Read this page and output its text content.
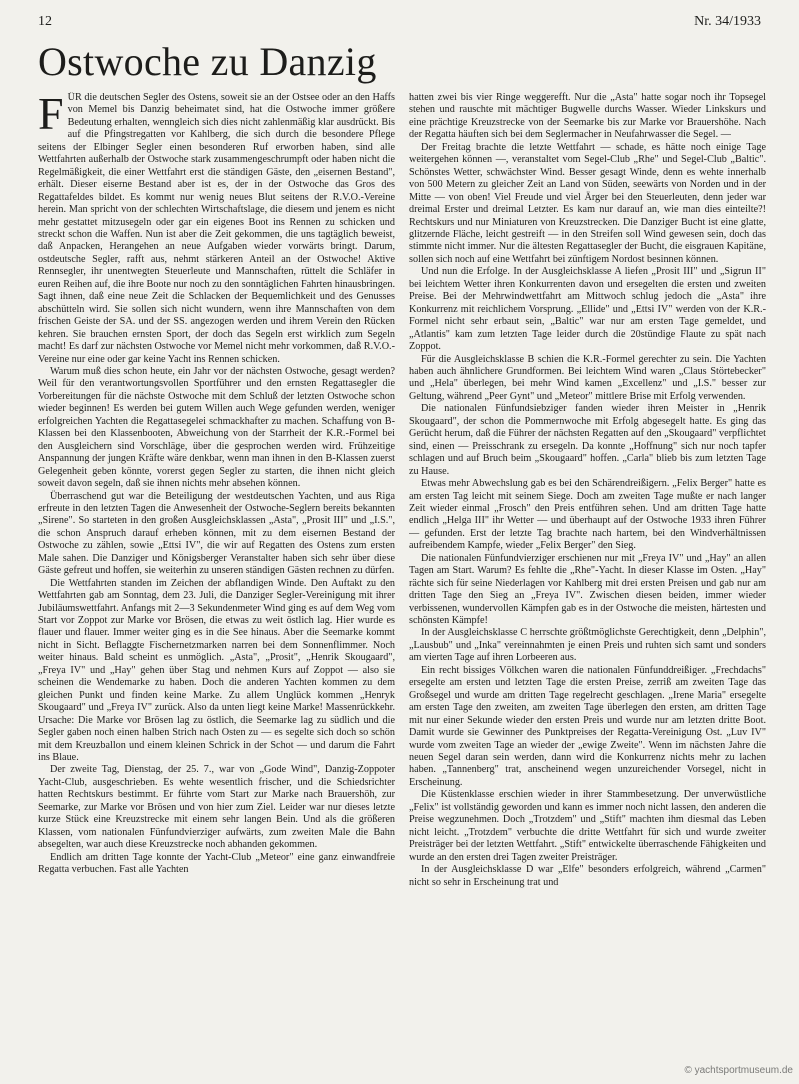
12	Nr. 34/1933
Ostwoche zu Danzig

FÜR die deutschen Segler des Ostens, soweit sie an der Ostsee oder an den Haffs von Memel bis Danzig beheimatet sind, hat die Ostwoche immer größere Bedeutung erhalten, wenngleich sich dies nicht zahlenmäßig klar ausdrückt. Bis auf die Pfingstregatten vor Kahlberg, die sich durch die besondere Pflege seitens der Elbinger Segler einen besonderen Ruf erworben haben, sind alle Wettfahrten außerhalb der Ostwoche stark zusammengeschrumpft oder haben nicht die Regelmäßigkeit, die einer Wettfahrt erst die ständigen Gäste, den „eisernen Bestand", erhält. Dieser eiserne Bestand aber ist es, der in der Ostwoche das Gros des Regattafeldes bildet. Es kommt nur wenig neues Blut seitens der R.V.O.-Vereine herein. Man spricht von der schlechten Wirtschaftslage, die diesem und jenem es nicht mehr gestattet mitzusegeln oder gar ein eigenes Boot ins Rennen zu schicken und streckt schon die Waffen. Nun ist aber die Zeit gekommen, die uns tagtäglich beweist, daß Anpacken, Herangehen an neue Aufgaben wieder vorwärts bringt. Darum, ostdeutsche Segler, rafft aus, nehmt stärkeren Anteil an der Ostwoche! Aktive Rennsegler, ihr unentwegten Steuerleute und Mannschaften, rüttelt die Schläfer in euren Reihen auf, die ihre Boote nur noch zu den sonntäglichen Fahrten hinausbringen. Sagt ihnen, daß eine neue Zeit die Schlacken der Bequemlichkeit und des Genusses abschütteln wird. Sie sollen sich nicht wundern, wenn ihre Mannschaften von dem frischen Geiste der SA. und der SS. angezogen werden und ihrem Verein den Rücken kehren. Sie brauchen ernsten Sport, der doch das Segeln erst wirklich zum Segeln macht! Es darf zur nächsten Ostwoche vor Memel nicht mehr vorkommen, daß R.V.O.-Vereine nur eine oder gar keine Yacht ins Rennen schicken.

Warum muß dies schon heute, ein Jahr vor der nächsten Ostwoche, gesagt werden? Weil für den verantwortungsvollen Sportführer und den ernsten Regattasegler die Vorbereitungen für die nächste Ostwoche mit dem Schluß der letzten Ostwoche schon wieder beginnen! Es werden bei gutem Willen auch Wege gefunden werden, weniger erfolgreichen Yachten die Regattasegelei schmackhafter zu machen. Schaffung von B-Klassen bei den Klassenbooten, Abweichung von der Starrheit der K.R.-Formel bei den Ausgleichern sind Vorschläge, über die gesprochen werden wird. Frühzeitige Anspannung der jungen Kräfte wäre denkbar, wenn man ihnen in den B-Klassen zuerst Gelegenheit geben könnte, vorerst gegen Segler zu starten, die ihnen nicht gleich soweit davon segeln, daß sie ihnen nichts mehr absehen können.

Überraschend gut war die Beteiligung der westdeutschen Yachten, und aus Riga erfreute in den letzten Tagen die Anwesenheit der Ostwoche-Seglern bereits bekannten „Sirene". So starteten in den großen Ausgleichsklassen „Asta", „Prosit III" und „I.S.", die schon Anspruch darauf erheben können, mit zu dem eisernen Bestand der Ostwoche zu zählen, sowie „Ettsi IV", die wir auf Regatten des Ostens zum ersten Male sahen. Die Danziger und Königsberger Veranstalter haben sich sehr über diese Gäste gefreut und hoffen, sie weiterhin zu unseren ständigen Gästen rechnen zu dürfen.

Die Wettfahrten standen im Zeichen der abflandigen Winde. Den Auftakt zu den Wettfahrten gab am Sonntag, dem 23. Juli, die Danziger Segler-Vereinigung mit ihrer Jubiläumswettfahrt. Anfangs mit 2—3 Sekundenmeter Wind ging es auf dem Weg vom Start vor Zoppot zur Marke vor Brösen, die etwas zu weit östlich lag. Hier wurde es flauer und flauer. Immer weiter ging es in die See hinaus. Aber die Seemarke kommt nicht in Sicht. Beflaggte Fischernetzmarken narren bei dem Sonnenflimmer. Noch weiter hinaus. Bald scheint es unmöglich. „Asta", „Prosit", „Henrik Skougaard", „Freya IV" und „Hay" gehen über Stag und nehmen Kurs auf Zoppot — also sie scheinen die Wendemarke zu haben. Doch die anderen Yachten kommen zu dem gleichen Punkt und finden keine Marke. Zu allem Unglück kommen „Henryk Skougaard" und „Freya IV" zurück. Also da unten liegt keine Marke! Massenrückkehr. Ursache: Die Marke vor Brösen lag zu östlich, die Seemarke lag zu südlich und die Segler gaben noch einen halben Strich nach Osten zu — es segelte sich doch so schön mit dem Kreuzballon und einem kleinen Schrick in der Schot — und darum die Fahrt ins Blaue.

Der zweite Tag, Dienstag, der 25. 7., war von „Gode Wind", Danzig-Zoppoter Yacht-Club, ausgeschrieben. Es wehte wesentlich frischer, und die Schiedsrichter hatten Rechtskurs bestimmt. Er führte vom Start zur Marke nach Brauershöh, zur Seemarke, zur Marke vor Brösen und von hier zum Ziel. Leider war nur dieses letzte kurze Stück eine Kreuzstrecke mit einem sehr langen Bein. Und als die größeren Klassen, vom nationalen Fünfundvierziger aufwärts, zum zweiten Male die Bahn absegelten, war auch diese Kreuzstrecke noch abhanden gekommen.

Endlich am dritten Tage konnte der Yacht-Club „Meteor" eine ganz einwandfreie Regatta verbuchen. Fast alle Yachten

hatten zwei bis vier Ringe weggerefft. Nur die „Asta" hatte sogar noch ihr Topsegel stehen und rauschte mit mächtiger Bugwelle durchs Wasser. Wieder Linkskurs und eine prächtige Kreuzstrecke von der Seemarke bis zur Marke vor Brauershöhe. Nach der Regatta häuften sich bei dem Seglermacher in Neufahrwasser die Segel. —

Der Freitag brachte die letzte Wettfahrt — schade, es hätte noch einige Tage weitergehen können —, veranstaltet vom Segel-Club „Rhe" und Segel-Club „Baltic". Schönstes Wetter, schwächster Wind. Besser gesagt Winde, denn es wehte innerhalb von 500 Metern zu gleicher Zeit an Land von Süden, seewärts von Norden und in der Mitte — von oben! Viel Freude und viel Ärger bei den Steuerleuten, denn jeder war dreimal Erster und dreimal Letzter. Es kam nur darauf an, wie man dies einteilte?! Rechtskurs und nur Miniaturen von Kreuzstrecken. Die Danziger Bucht ist eine glatte, glitzernde Fläche, leicht gestreift — in den Streifen soll Wind gewesen sein, doch das stimmte nicht immer. Nur die ältesten Regattasegler der Bucht, die eisgrauen Kapitäne, sollen sich noch auf eine Wettfahrt bei zünftigem Nordost besinnen können.

Und nun die Erfolge. In der Ausgleichsklasse A liefen „Prosit III" und „Sigrun II" bei leichtem Wetter ihren Konkurrenten davon und ersegelten die ersten und zweiten Preise. Bei der Mehrwindwettfahrt am Mittwoch schlug jedoch die „Asta" ihre Konkurrenz mit reichlichem Vorsprung. „Ellide" und „Ettsi IV" werden von der K.R.-Formel nicht sehr erbaut sein, „Baltic" war nur am ersten Tage gemeldet, und „Atlantis" kam zum letzten Tage leider durch die 20stündige Flaute zu spät nach Zoppot.

Für die Ausgleichsklasse B schien die K.R.-Formel gerechter zu sein. Die Yachten haben auch ähnlichere Grundformen. Bei leichtem Wind waren „Claus Störtebecker" und „Hela" überlegen, bei mehr Wind kamen „Excellenz" und „I.S." besser zur Geltung, während „Peer Gynt" und „Meteor" mittlere Brise mit Erfolg verwenden.

Die nationalen Fünfundsiebziger fanden wieder ihren Meister in „Henrik Skougaard", der schon die Pommernwoche mit Erfolg abgesegelt hatte. Es ging das Gerücht herum, daß die Führer der nächsten Regatten auf den „Skougaard" verpflichtet sind, einen — Preisschrank zu ersegeln. Da konnte „Hoffnung" sich nur noch tapfer schlagen und auf Bruch beim „Skougaard" hoffen. „Carla" blieb bis zum letzten Tage zu Hause.

Etwas mehr Abwechslung gab es bei den Schärendreißigern. „Felix Berger" hatte es am ersten Tag leicht mit seinem Siege. Doch am zweiten Tage mußte er nach langer Zeit wieder einmal „Frosch" den Preis entführen sehen. Und am dritten Tage hatte endlich „Helga III" ihr Wetter — und überhaupt auf der Ostwoche 1933 ihren Führer — gefunden. Erst der letzte Tag brachte nach hartem, bei den Windverhältnissen aufreibendem Kampfe, wieder „Felix Berger" den Sieg.

Die nationalen Fünfundvierziger erschienen nur mit „Freya IV" und „Hay" an allen Tagen am Start. Warum? Es fehlte die „Rhe"-Yacht. In dieser Klasse im Osten. „Hay" rächte sich für seine Niederlagen vor Kahlberg mit drei ersten Preisen und gab nur am dritten Tage den Sieg an „Freya IV". Zwischen diesen beiden, immer wieder verbissenen, wundervollen Kämpfen gab es in der Ostwoche die meisten, härtesten und schönsten Kämpfe!

In der Ausgleichsklasse C herrschte größtmöglichste Gerechtigkeit, denn „Delphin", „Lausbub" und „Inka" vereinnahmten je einen Preis und ruhten sich samt und sonders am vierten Tage auf ihren Lorbeeren aus.

Ein recht bissiges Völkchen waren die nationalen Fünfunddreißiger. „Frechdachs" ersegelte am ersten und letzten Tage die ersten Preise, zerriß am zweiten Tage das Großsegel und wurde am dritten Tage regelrecht geschlagen. „Irene Maria" ersegelte am ersten Tage den zweiten, am zweiten Tage überlegen den ersten, am dritten Tage mit nur einer Sekunde wieder den ersten Preis und wurde nur am letzten dritte Boot. Damit wurde sie Gewinner des Punktpreises der Regatta-Vereinigung Ost. „Luv IV" wurde vom zweiten Tage an wieder der „ewige Zweite". Wenn im nächsten Jahre die neuen Segel daran sein werden, dann wird die Konkurrenz nichts mehr zu lachen haben. „Tannenberg" trat, anscheinend wegen unzureichender Vorsegel, nicht in Erscheinung.

Die Küstenklasse erschien wieder in ihrer Stammbesetzung. Der unverwüstliche „Felix" ist vollständig geworden und kann es immer noch nicht lassen, den anderen die Preise wegzunehmen. Doch „Trotzdem" und „Stift" machten ihm diesmal das Leben nicht leicht. „Trotzdem" verbuchte die dritte Wettfahrt für sich und wurde zweiter Preisträger bei der letzten Wettfahrt. „Stift" entwickelte überraschende Fähigkeiten und wurde an den ersten drei Tagen zweiter Preisträger.

In der Ausgleichsklasse D war „Elfe" besonders erfolgreich, während „Carmen" nicht so sehr in Erscheinung trat und

© yachtsportmuseum.de
